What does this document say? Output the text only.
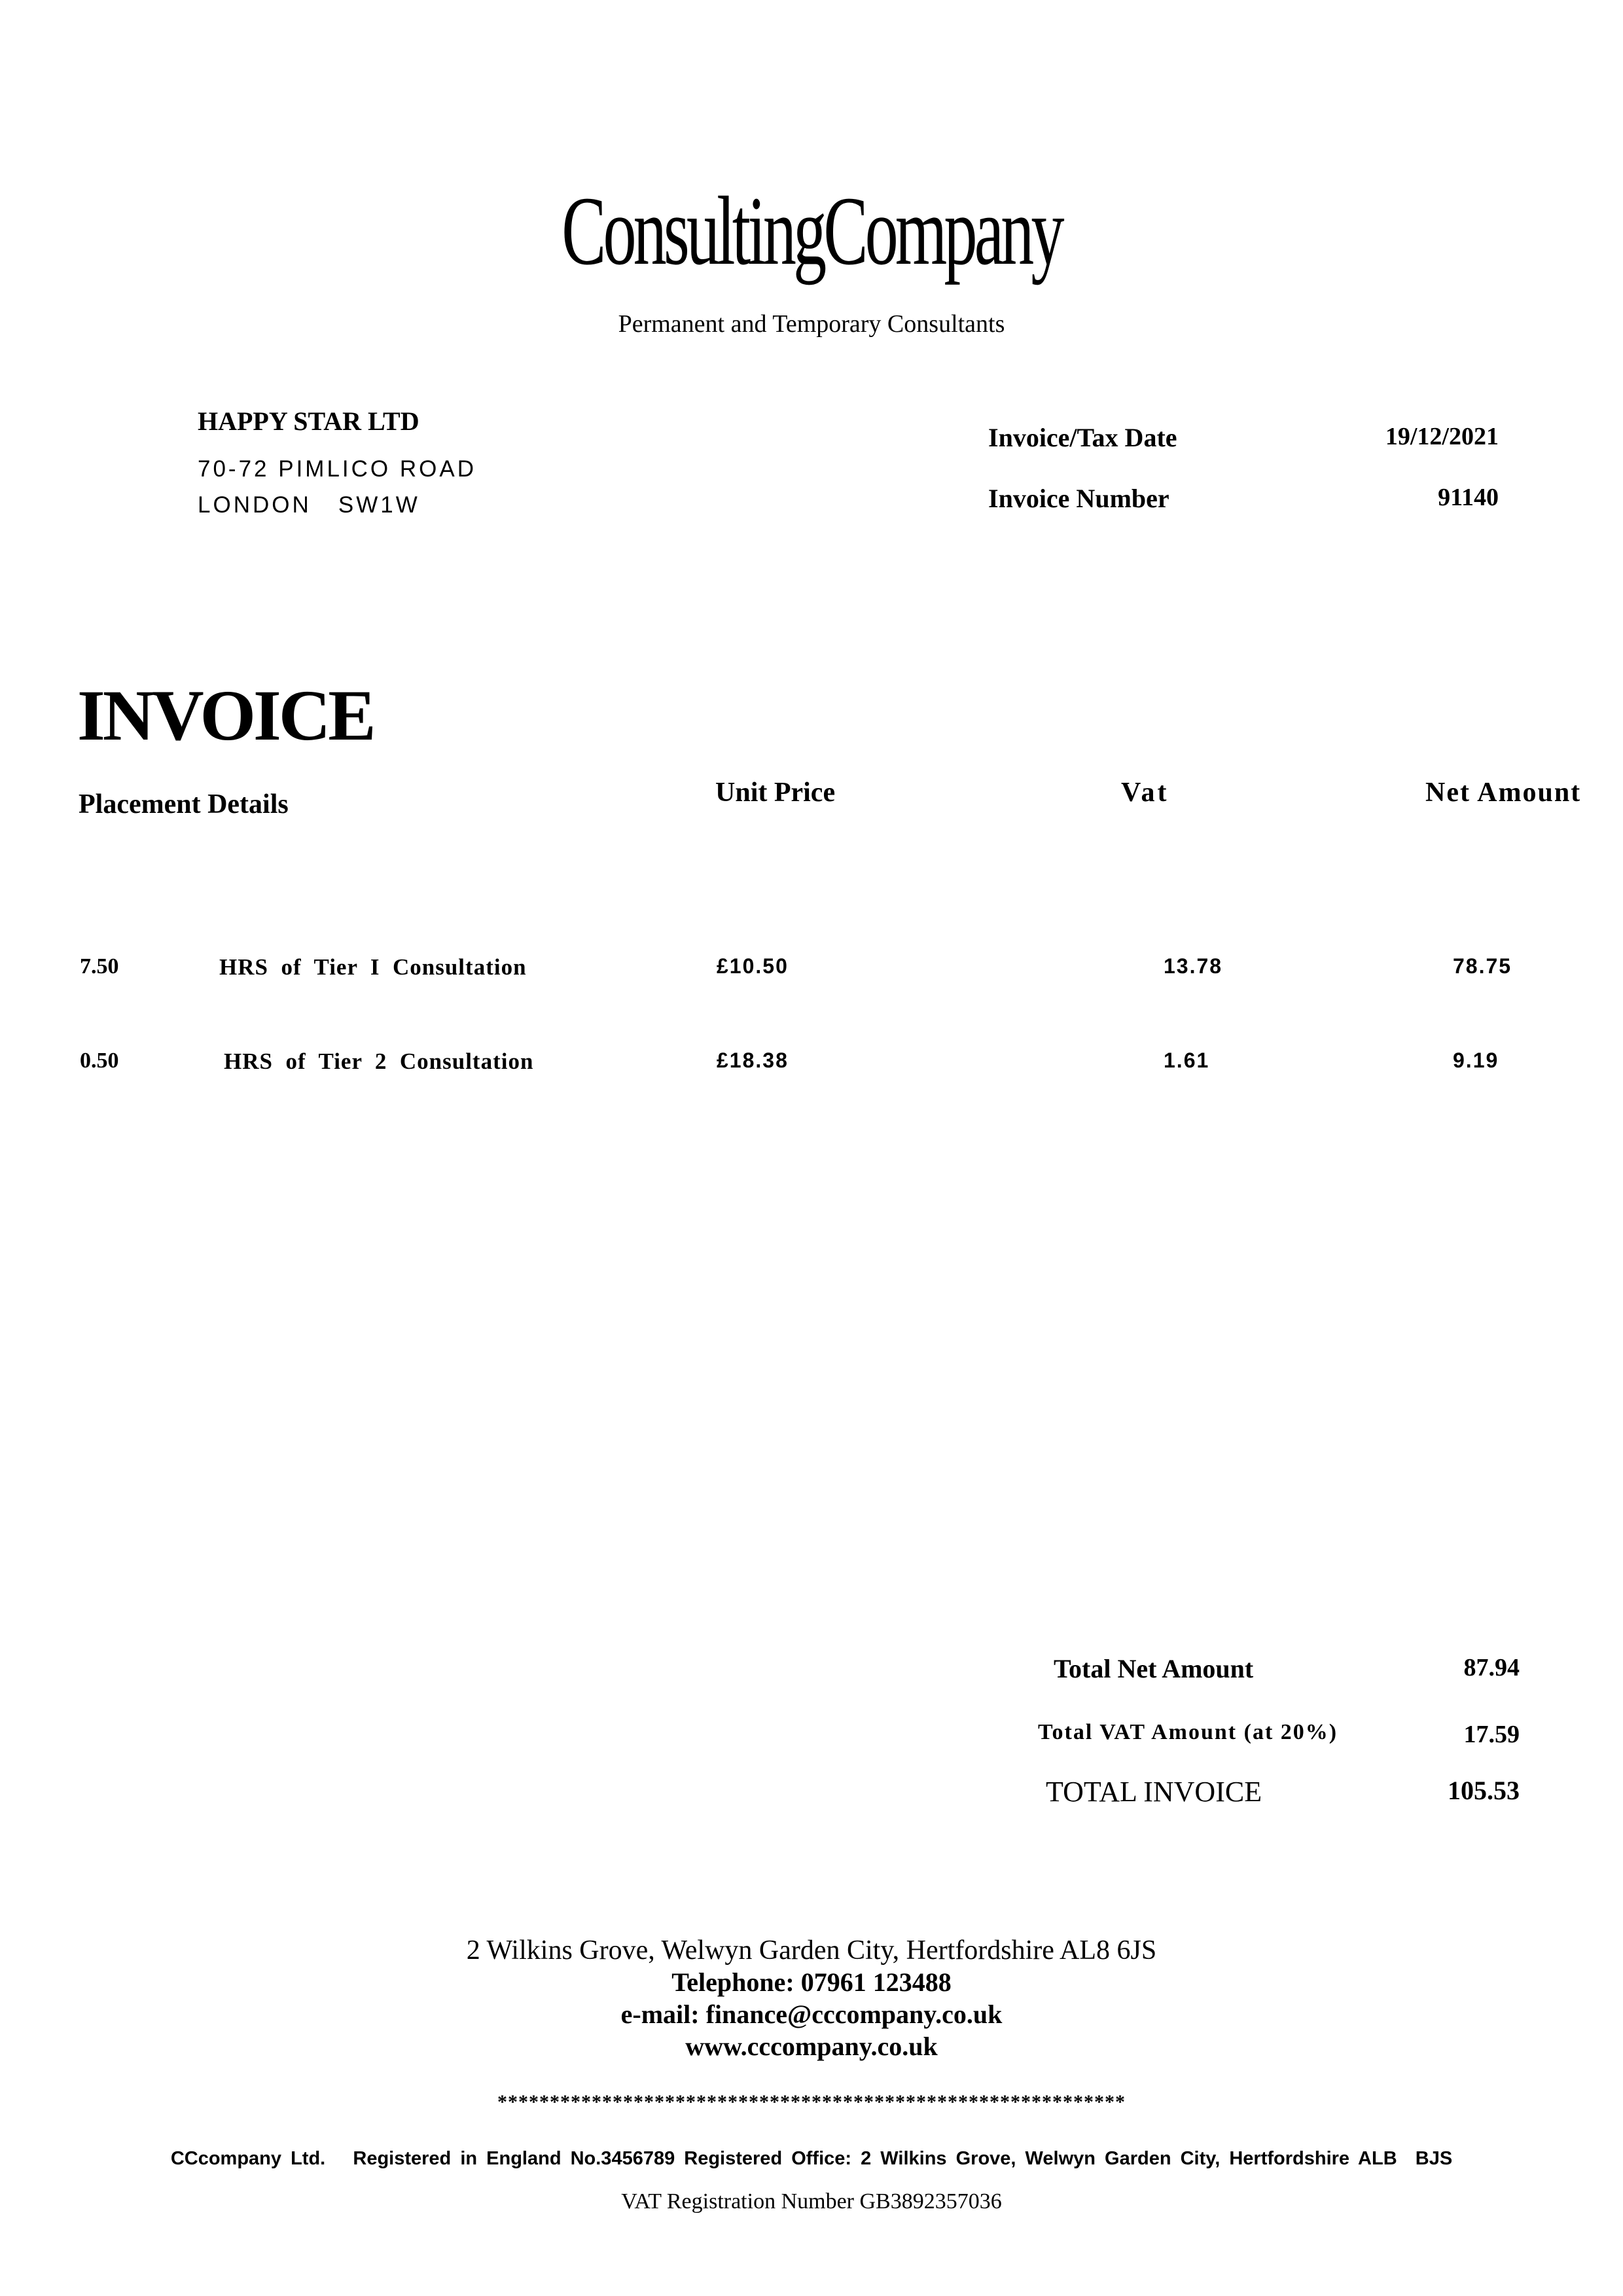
ConsultingCompany
Permanent and Temporary Consultants
HAPPY STAR LTD
70-72 PIMLICO ROAD
LONDON   SW1W
Invoice/Tax Date	19/12/2021
Invoice Number	91140
INVOICE
Placement Details	Unit Price	Vat	Net Amount
7.50	HRS  of  Tier  I  Consultation	£10.50	13.78	78.75
0.50	HRS  of  Tier  2  Consultation	£18.38	1.61	9.19
Total Net Amount	87.94
Total VAT Amount (at 20%)	17.59
TOTAL INVOICE	105.53
2 Wilkins Grove, Welwyn Garden City, Hertfordshire AL8 6JS
Telephone: 07961 123488
e-mail: finance@cccompany.co.uk
www.cccompany.co.uk
************************************************************
CCcompany Ltd.   Registered in England No.3456789 Registered Office: 2 Wilkins Grove, Welwyn Garden City, Hertfordshire ALB  BJS
VAT Registration Number GB3892357036
